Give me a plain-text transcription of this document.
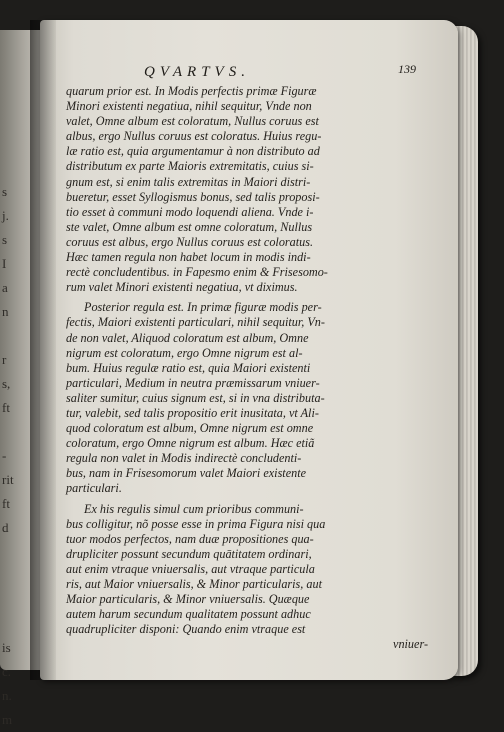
s
j.
s
I
a
n
r
s,
ft
-
rit
ft
d
is
c.
n.
m
QVARTVS.	139
quarum prior est. In Modis perfectis primæ Figuræ
Minori existenti negatiua, nihil sequitur, Vnde non
valet, Omne album est coloratum, Nullus coruus est
albus, ergo Nullus coruus est coloratus. Huius regu-
læ ratio est, quia argumentamur à non distributo ad
distributum ex parte Maioris extremitatis, cuius si-
gnum est, si enim talis extremitas in Maiori distri-
bueretur, esset Syllogismus bonus, sed talis proposi-
tio esset à communi modo loquendi aliena. Vnde i-
ste valet, Omne album est omne coloratum, Nullus
coruus est albus, ergo Nullus coruus est coloratus.
Hæc tamen regula non habet locum in modis indi-
rectè concludentibus. in Fapesmo enim & Frisesomo-
rum valet Minori existenti negatiua, vt diximus.
Posterior regula est. In primæ figuræ modis per-
fectis, Maiori existenti particulari, nihil sequitur, Vn-
de non valet, Aliquod coloratum est album, Omne
nigrum est coloratum, ergo Omne nigrum est al-
bum. Huius regulæ ratio est, quia Maiori existenti
particulari, Medium in neutra præmissarum vniuer-
saliter sumitur, cuius signum est, si in vna distributa-
tur, valebit, sed talis propositio erit inusitata, vt Ali-
quod coloratum est album, Omne nigrum est omne
coloratum, ergo Omne nigrum est album. Hæc etiã
regula non valet in Modis indirectè concludenti-
bus, nam in Frisesomorum valet Maiori existente
particulari.
Ex his regulis simul cum prioribus communi-
bus colligitur, nõ posse esse in prima Figura nisi qua
tuor modos perfectos, nam duæ propositiones qua-
drupliciter possunt secundum quātitatem ordinari,
aut enim vtraque vniuersalis, aut vtraque particula
ris, aut Maior vniuersalis, & Minor particularis, aut
Maior particularis, & Minor vniuersalis. Quæque
autem harum secundum qualitatem possunt adhuc
quadrupliciter disponi: Quando enim vtraque est
vniuer-
